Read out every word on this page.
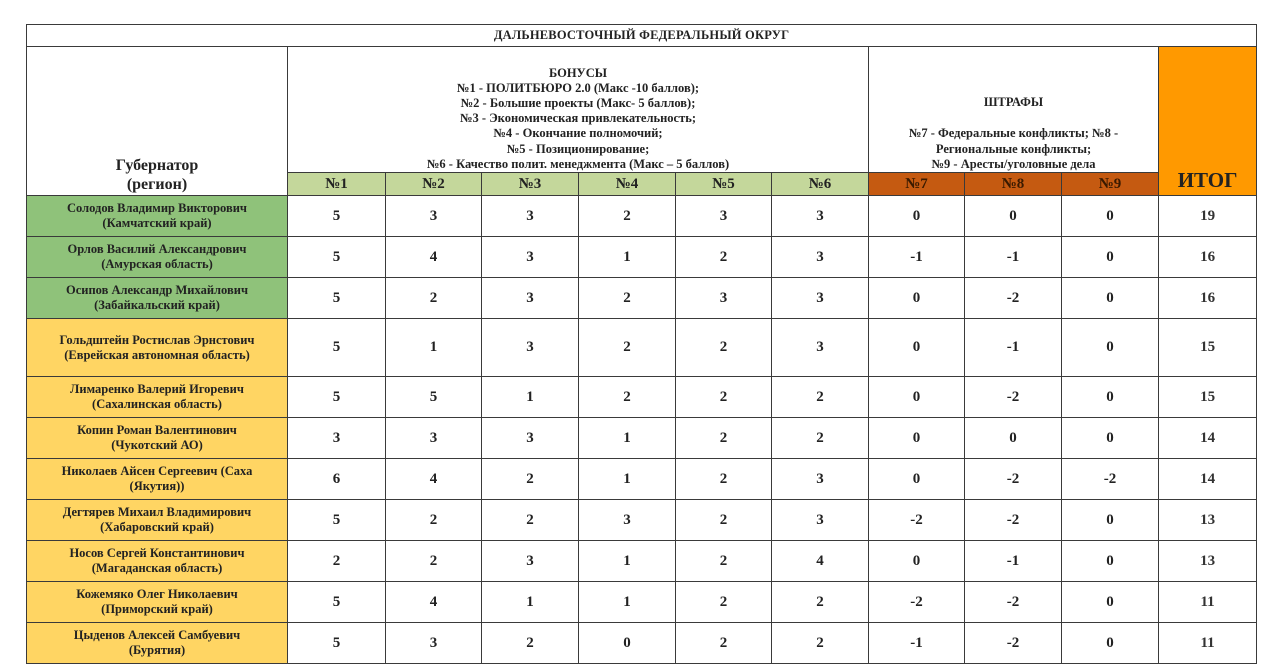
ДАЛЬНЕВОСТОЧНЫЙ ФЕДЕРАЛЬНЫЙ ОКРУГ										
Губернатор
(регион)	БОНУСЫ
№1 - ПОЛИТБЮРО 2.0 (Макс -10 баллов);
№2 - Большие проекты (Макс- 5 баллов);
№3 - Экономическая привлекательность;
№4 - Окончание полномочий;
№5 - Позиционирование;
№6 - Качество полит. менеджмента (Макс – 5 баллов)	
ШТРАФЫ
№7 - Федеральные конфликты; №8 -
Региональные конфликты;
№9 - Аресты/уголовные дела	ИТОГ
	№1	№2	№3	№4	№5	№6	№7	№8	№9	
Солодов Владимир Викторович
(Камчатский край)	5	3	3	2	3	3	0	0	0	19
Орлов Василий Александрович
(Амурская область)	5	4	3	1	2	3	-1	-1	0	16
Осипов Александр Михайлович
(Забайкальский край)	5	2	3	2	3	3	0	-2	0	16
Гольдштейн Ростислав Эрнстович
(Еврейская автономная область)	5	1	3	2	2	3	0	-1	0	15
Лимаренко Валерий Игоревич
(Сахалинская область)	5	5	1	2	2	2	0	-2	0	15
Копин Роман Валентинович
(Чукотский АО)	3	3	3	1	2	2	0	0	0	14
Николаев Айсен Сергеевич (Саха
(Якутия))	6	4	2	1	2	3	0	-2	-2	14
Дегтярев Михаил Владимирович
(Хабаровский край)	5	2	2	3	2	3	-2	-2	0	13
Носов Сергей Константинович
(Магаданская область)	2	2	3	1	2	4	0	-1	0	13
Кожемяко Олег Николаевич
(Приморский край)	5	4	1	1	2	2	-2	-2	0	11
Цыденов Алексей Самбуевич
(Бурятия)	5	3	2	0	2	2	-1	-2	0	11
